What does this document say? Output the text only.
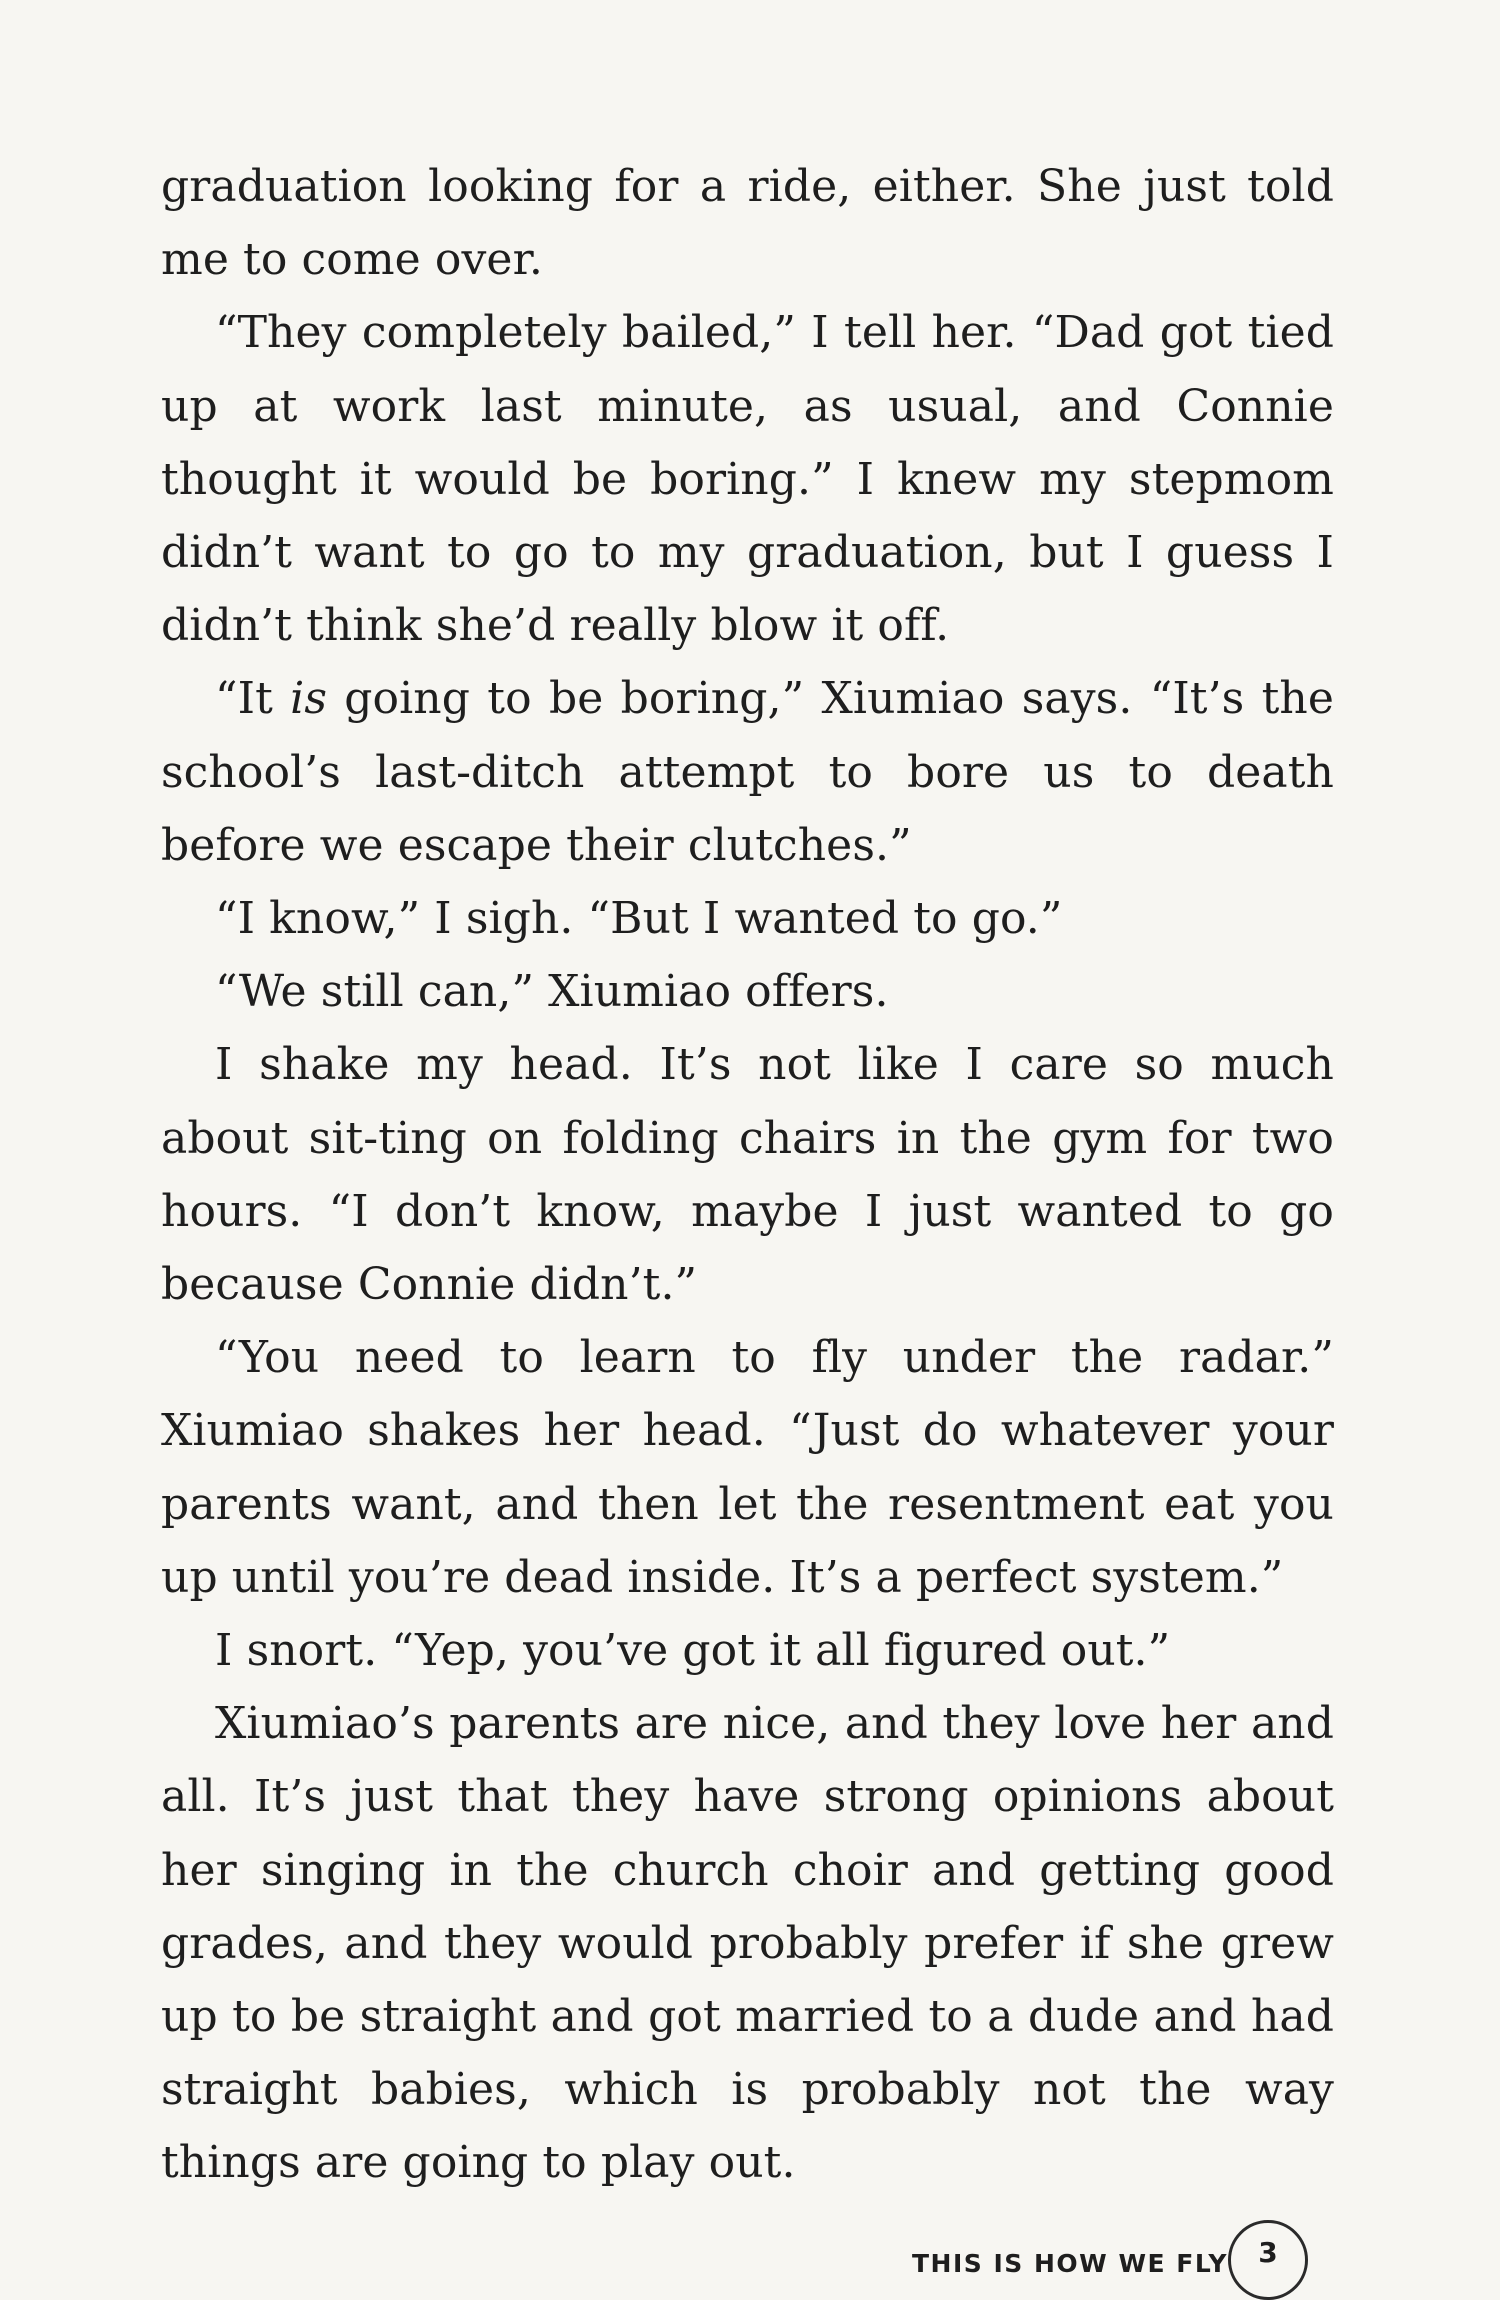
graduation looking for a ride, either. She just told me to come over.

“They completely bailed,” I tell her. “Dad got tied up at work last minute, as usual, and Connie thought it would be boring.” I knew my stepmom didn’t want to go to my graduation, but I guess I didn’t think she’d really blow it off.

“It is going to be boring,” Xiumiao says. “It’s the school’s last-ditch attempt to bore us to death before we escape their clutches.”

“I know,” I sigh. “But I wanted to go.”

“We still can,” Xiumiao offers.

I shake my head. It’s not like I care so much about sit-ting on folding chairs in the gym for two hours. “I don’t know, maybe I just wanted to go because Connie didn’t.”

“You need to learn to fly under the radar.” Xiumiao shakes her head. “Just do whatever your parents want, and then let the resentment eat you up until you’re dead inside. It’s a perfect system.”

I snort. “Yep, you’ve got it all figured out.”

Xiumiao’s parents are nice, and they love her and all. It’s just that they have strong opinions about her singing in the church choir and getting good grades, and they would probably prefer if she grew up to be straight and got married to a dude and had straight babies, which is probably not the way things are going to play out.

THIS IS HOW WE FLY	3
